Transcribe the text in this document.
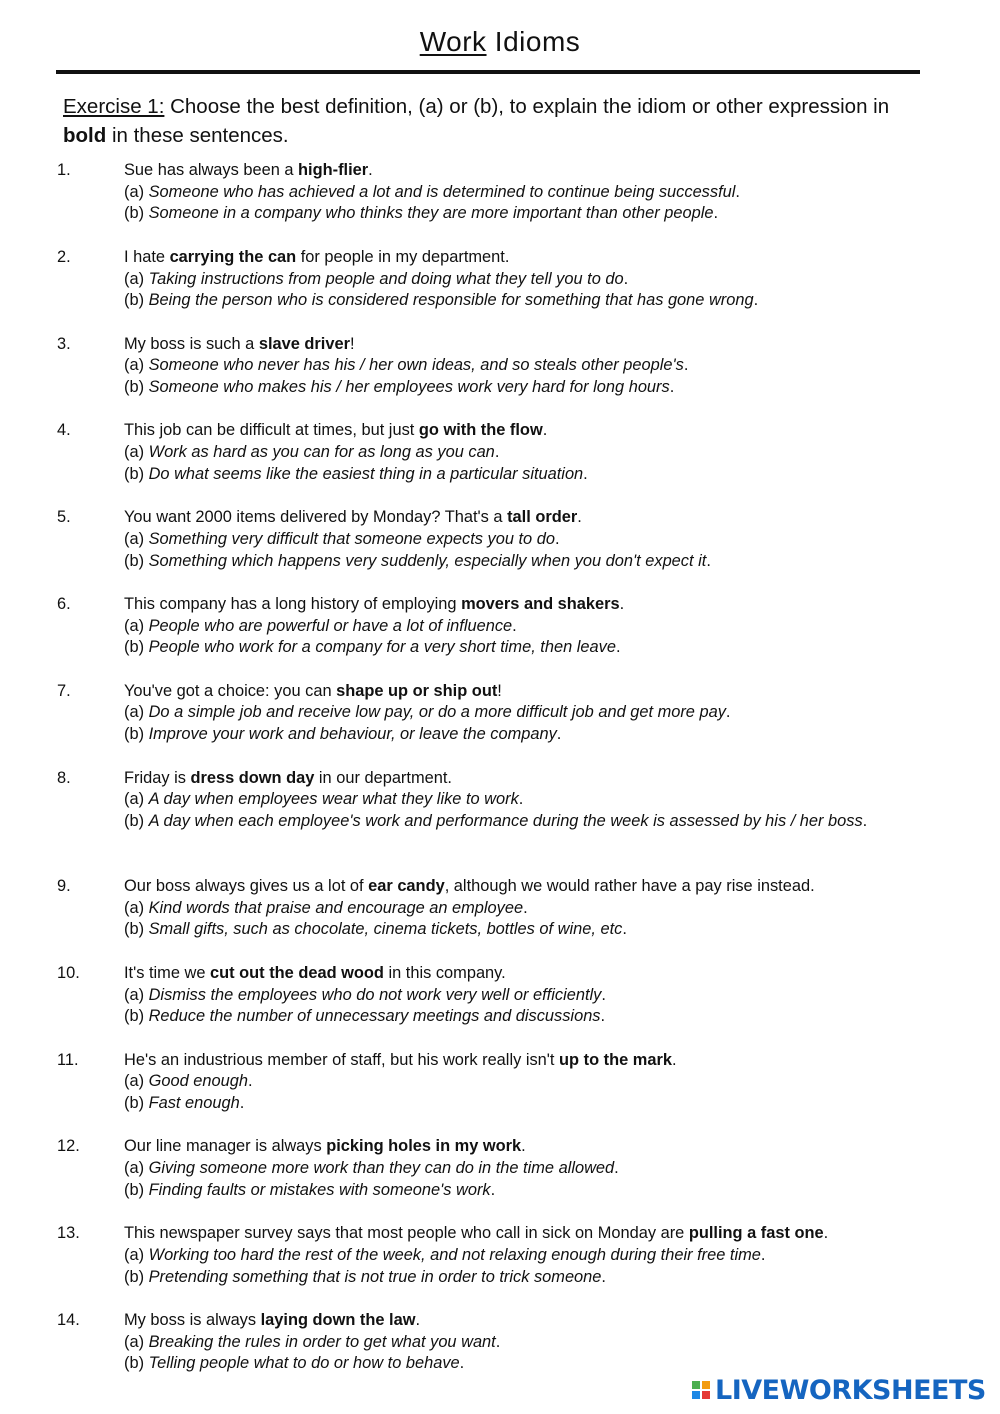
Work Idioms
Exercise 1: Choose the best definition, (a) or (b), to explain the idiom or other expression in bold in these sentences.
1.	Sue has always been a high-flier.
(a) Someone who has achieved a lot and is determined to continue being successful.
(b) Someone in a company who thinks they are more important than other people.
2.	I hate carrying the can for people in my department.
(a) Taking instructions from people and doing what they tell you to do.
(b) Being the person who is considered responsible for something that has gone wrong.
3.	My boss is such a slave driver!
(a) Someone who never has his / her own ideas, and so steals other people's.
(b) Someone who makes his / her employees work very hard for long hours.
4.	This job can be difficult at times, but just go with the flow.
(a) Work as hard as you can for as long as you can.
(b) Do what seems like the easiest thing in a particular situation.
5.	You want 2000 items delivered by Monday? That's a tall order.
(a) Something very difficult that someone expects you to do.
(b) Something which happens very suddenly, especially when you don't expect it.
6.	This company has a long history of employing movers and shakers.
(a) People who are powerful or have a lot of influence.
(b) People who work for a company for a very short time, then leave.
7.	You've got a choice: you can shape up or ship out!
(a) Do a simple job and receive low pay, or do a more difficult job and get more pay.
(b) Improve your work and behaviour, or leave the company.
8.	Friday is dress down day in our department.
(a) A day when employees wear what they like to work.
(b) A day when each employee's work and performance during the week is assessed by his / her boss.
9.	Our boss always gives us a lot of ear candy, although we would rather have a pay rise instead.
(a) Kind words that praise and encourage an employee.
(b) Small gifts, such as chocolate, cinema tickets, bottles of wine, etc.
10.	It's time we cut out the dead wood in this company.
(a) Dismiss the employees who do not work very well or efficiently.
(b) Reduce the number of unnecessary meetings and discussions.
11.	He's an industrious member of staff, but his work really isn't up to the mark.
(a) Good enough.
(b) Fast enough.
12.	Our line manager is always picking holes in my work.
(a) Giving someone more work than they can do in the time allowed.
(b) Finding faults or mistakes with someone's work.
13.	This newspaper survey says that most people who call in sick on Monday are pulling a fast one.
(a) Working too hard the rest of the week, and not relaxing enough during their free time.
(b) Pretending something that is not true in order to trick someone.
14.	My boss is always laying down the law.
(a) Breaking the rules in order to get what you want.
(b) Telling people what to do or how to behave.
LIVEWORKSHEETS
